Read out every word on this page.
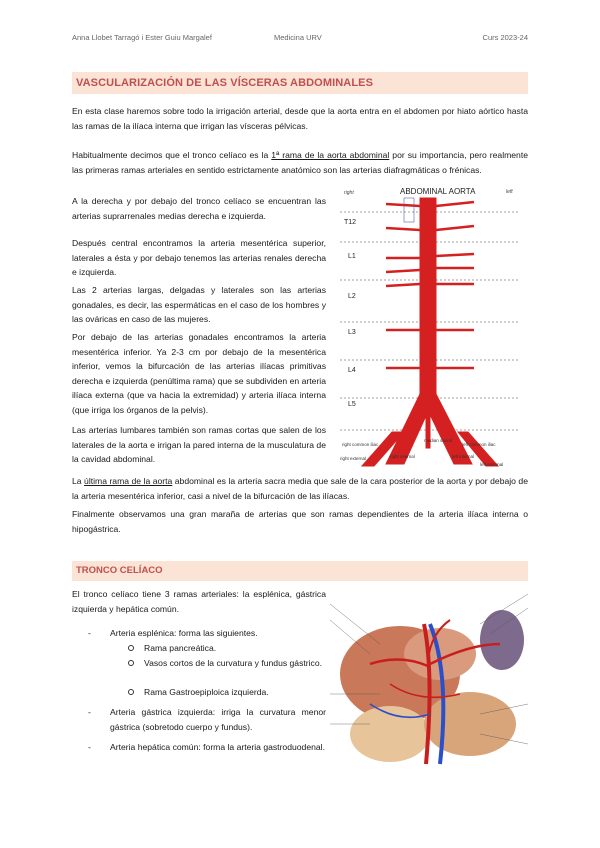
Anna Llobet Tarragó i Ester Guiu Margalef	Medicina URV	Curs 2023-24
VASCULARIZACIÓN DE LAS VÍSCERAS ABDOMINALES
En esta clase haremos sobre todo la irrigación arterial, desde que la aorta entra en el abdomen por hiato aórtico hasta las ramas de la ilíaca interna que irrigan las vísceras pélvicas.
Habitualmente decimos que el tronco celíaco es la 1ª rama de la aorta abdominal por su importancia, pero realmente las primeras ramas arteriales en sentido estrictamente anatómico son las arterias diafragmáticas o frénicas.
A la derecha y por debajo del tronco celíaco se encuentran las arterias suprarrenales medias derecha e izquierda.
Después central encontramos la arteria mesentérica superior, laterales a ésta y por debajo tenemos las arterias renales derecha e izquierda.
Las 2 arterias largas, delgadas y laterales son las arterias gonadales, es decir, las espermáticas en el caso de los hombres y las ováricas en caso de las mujeres.
Por debajo de las arterias gonadales encontramos la arteria mesentérica inferior. Ya 2-3 cm por debajo de la mesentérica inferior, vemos la bifurcación de las arterias ilíacas primitivas derecha e izquierda (penúltima rama) que se subdividen en arteria ilíaca externa (que va hacia la extremidad) y arteria ilíaca interna (que irriga los órganos de la pelvis).
Las arterias lumbares también son ramas cortas que salen de los laterales de la aorta e irrigan la pared interna de la musculatura de la cavidad abdominal.
ABDOMINAL AORTA
right	left
T12
L1
L2
L3
L4
L5
right common iliac
median sacral
left common iliac
right external	right internal	left internal
left external
La última rama de la aorta abdominal es la arteria sacra media que sale de la cara posterior de la aorta y por debajo de la arteria mesentérica inferior, casi a nivel de la bifurcación de las ilíacas.
Finalmente observamos una gran maraña de arterias que son ramas dependientes de la arteria ilíaca interna o hipogástrica.
TRONCO CELÍACO
El tronco celíaco tiene 3 ramas arteriales: la esplénica, gástrica izquierda y hepática común.
- Arteria esplénica: forma las siguientes.
Rama pancreática.
Vasos cortos de la curvatura y fundus gástrico.
Rama Gastroepiploica izquierda.
- Arteria gástrica izquierda: irriga la curvatura menor gástrica (sobretodo cuerpo y fundus).
- Arteria hepática común: forma la arteria gastroduodenal.
